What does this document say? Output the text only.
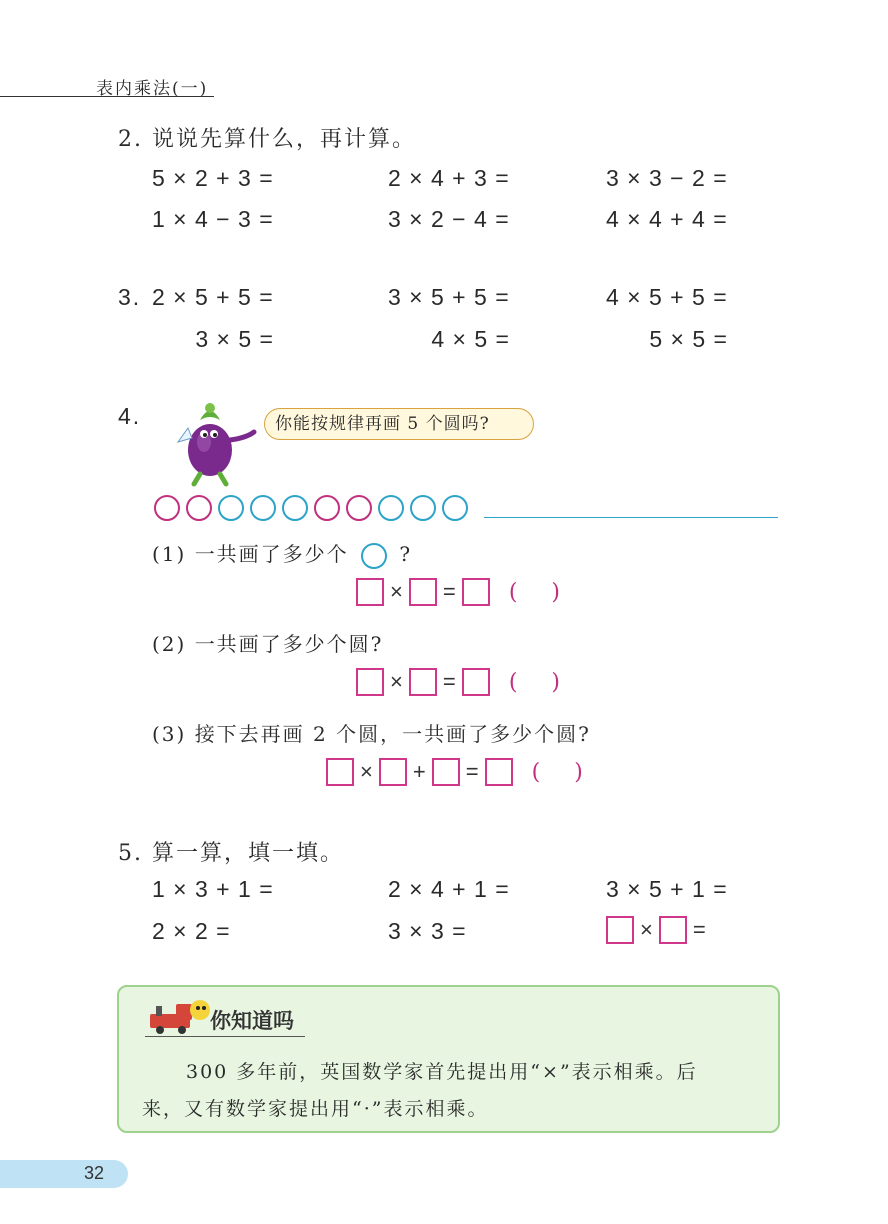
表内乘法(一)
2. 说说先算什么，再计算。
5 × 2 + 3 =	2 × 4 + 3 =	3 × 3 − 2 =
1 × 4 − 3 =	3 × 2 − 4 =	4 × 4 + 4 =
3. 2 × 5 + 5 =	3 × 5 + 5 =	4 × 5 + 5 =
3 × 5 =	4 × 5 =	5 × 5 =
4.	你能按规律再画 5 个圆吗?
(1) 一共画了多少个	?
× = ( )
(2) 一共画了多少个圆?
× = ( )
(3) 接下去再画 2 个圆，一共画了多少个圆?
× + = ( )
5. 算一算，填一填。
1 × 3 + 1 =	2 × 4 + 1 =	3 × 5 + 1 =
2 × 2 =	3 × 3 =	× =
你知道吗
300 多年前，英国数学家首先提出用“×”表示相乘。后
来，又有数学家提出用“·”表示相乘。
32
